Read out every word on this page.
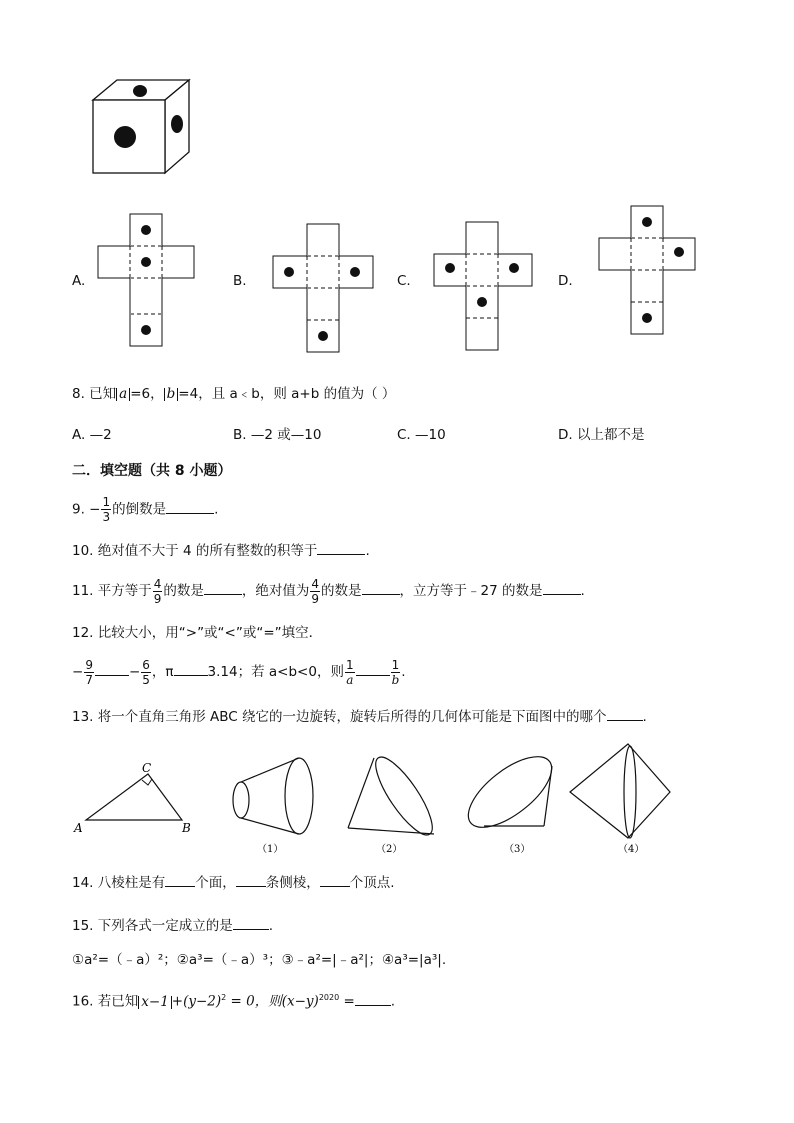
A.	B.	C.	D.
8. 已知 a =6， b =4，且 a﹤b，则 a+b 的值为（ ）
A. —2	B. —2 或—10	C. —10	D. 以上都不是
二．填空题（共 8 小题）
9. − $\frac{1}{3}$ 的倒数是	.
10. 绝对值不大于 4 的所有整数的积等于	.
11. 平方等于 $\frac{4}{9}$ 的数是	，绝对值为 $\frac{4}{9}$ 的数是	，立方等于﹣27 的数是	.
12. 比较大小，用“>”或“<”或“=”填空．
− $\frac{9}{7}$	− $\frac{6}{5}$ ，π	3.14；若 a<b<0，则 $\frac{1}{a}$	$\frac{1}{b}$ .
13. 将一个直角三角形 ABC 绕它的一边旋转，旋转后所得的几何体可能是下面图中的哪个	.
A	B
C
（1）	（2）	（3）	（4）
14. 八棱柱是有 个面， 条侧棱， 个顶点.
15. 下列各式一定成立的是	.
①a²=（﹣a）²；②a³=（﹣a）³；③﹣a²=|﹣a²|；④a³=|a³|.
16. 若已知 $x-1 +(y-2)^2 = 0$，则$(x-y)^{2020}$ =	.
